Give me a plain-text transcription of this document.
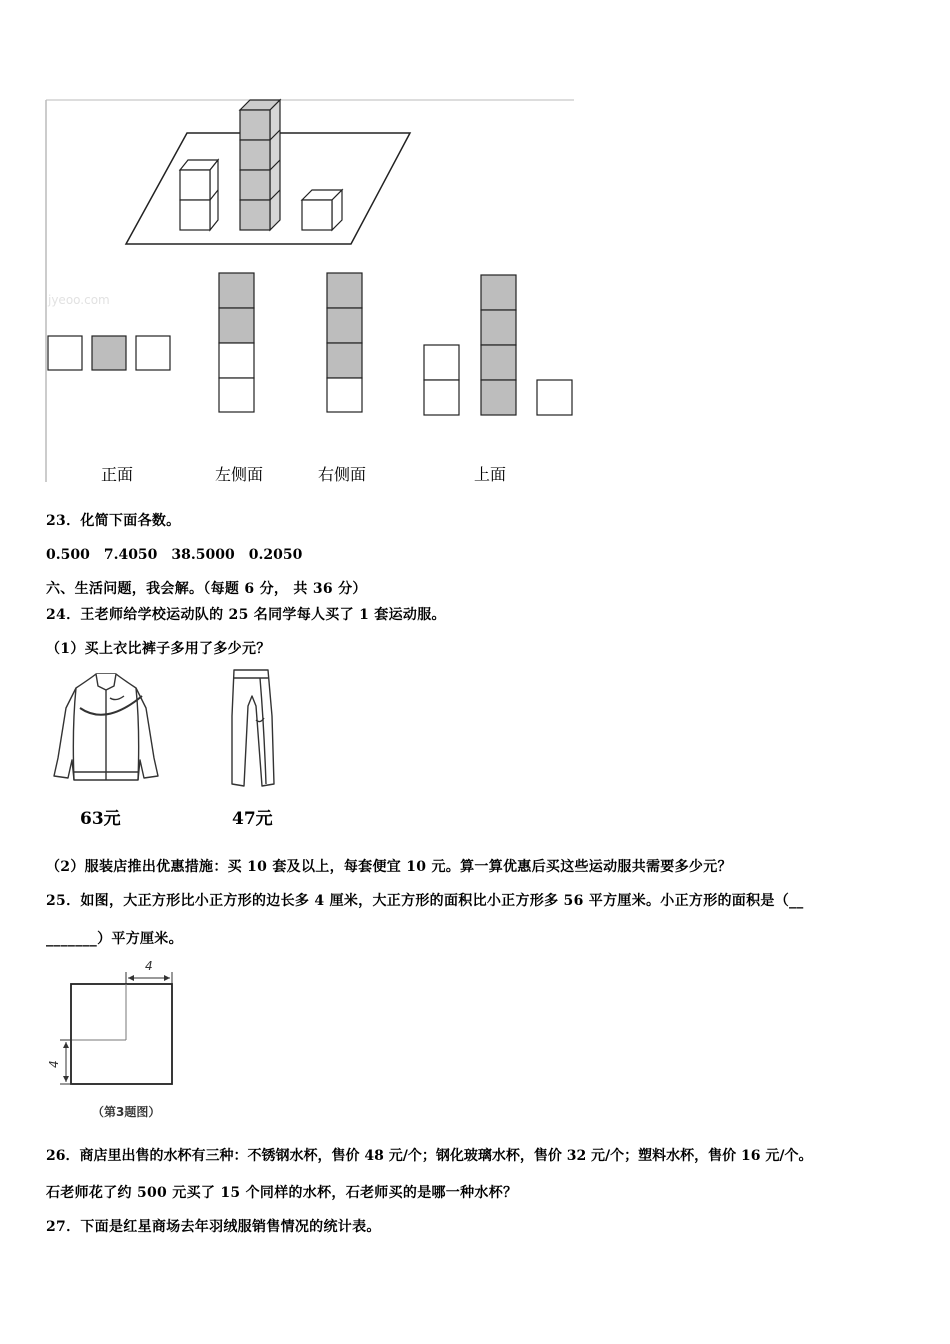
jyeoo.com
正面	左侧面	右侧面	上面
23．化简下面各数。
0.500　7.4050　38.5000　0.2050
六、生活问题，我会解。（每题 6 分， 共 36 分）
24．王老师给学校运动队的 25 名同学每人买了 1 套运动服。
（1）买上衣比裤子多用了多少元？
63元	47元
（2）服装店推出优惠措施：买 10 套及以上，每套便宜 10 元。算一算优惠后买这些运动服共需要多少元？
25．如图，大正方形比小正方形的边长多 4 厘米，大正方形的面积比小正方形多 56 平方厘米。小正方形的面积是（__
_______）平方厘米。
4
4
（第3题图）
26．商店里出售的水杯有三种：不锈钢水杯，售价 48 元/个；钢化玻璃水杯，售价 32 元/个；塑料水杯，售价 16 元/个。
石老师花了约 500 元买了 15 个同样的水杯，石老师买的是哪一种水杯？
27．下面是红星商场去年羽绒服销售情况的统计表。
